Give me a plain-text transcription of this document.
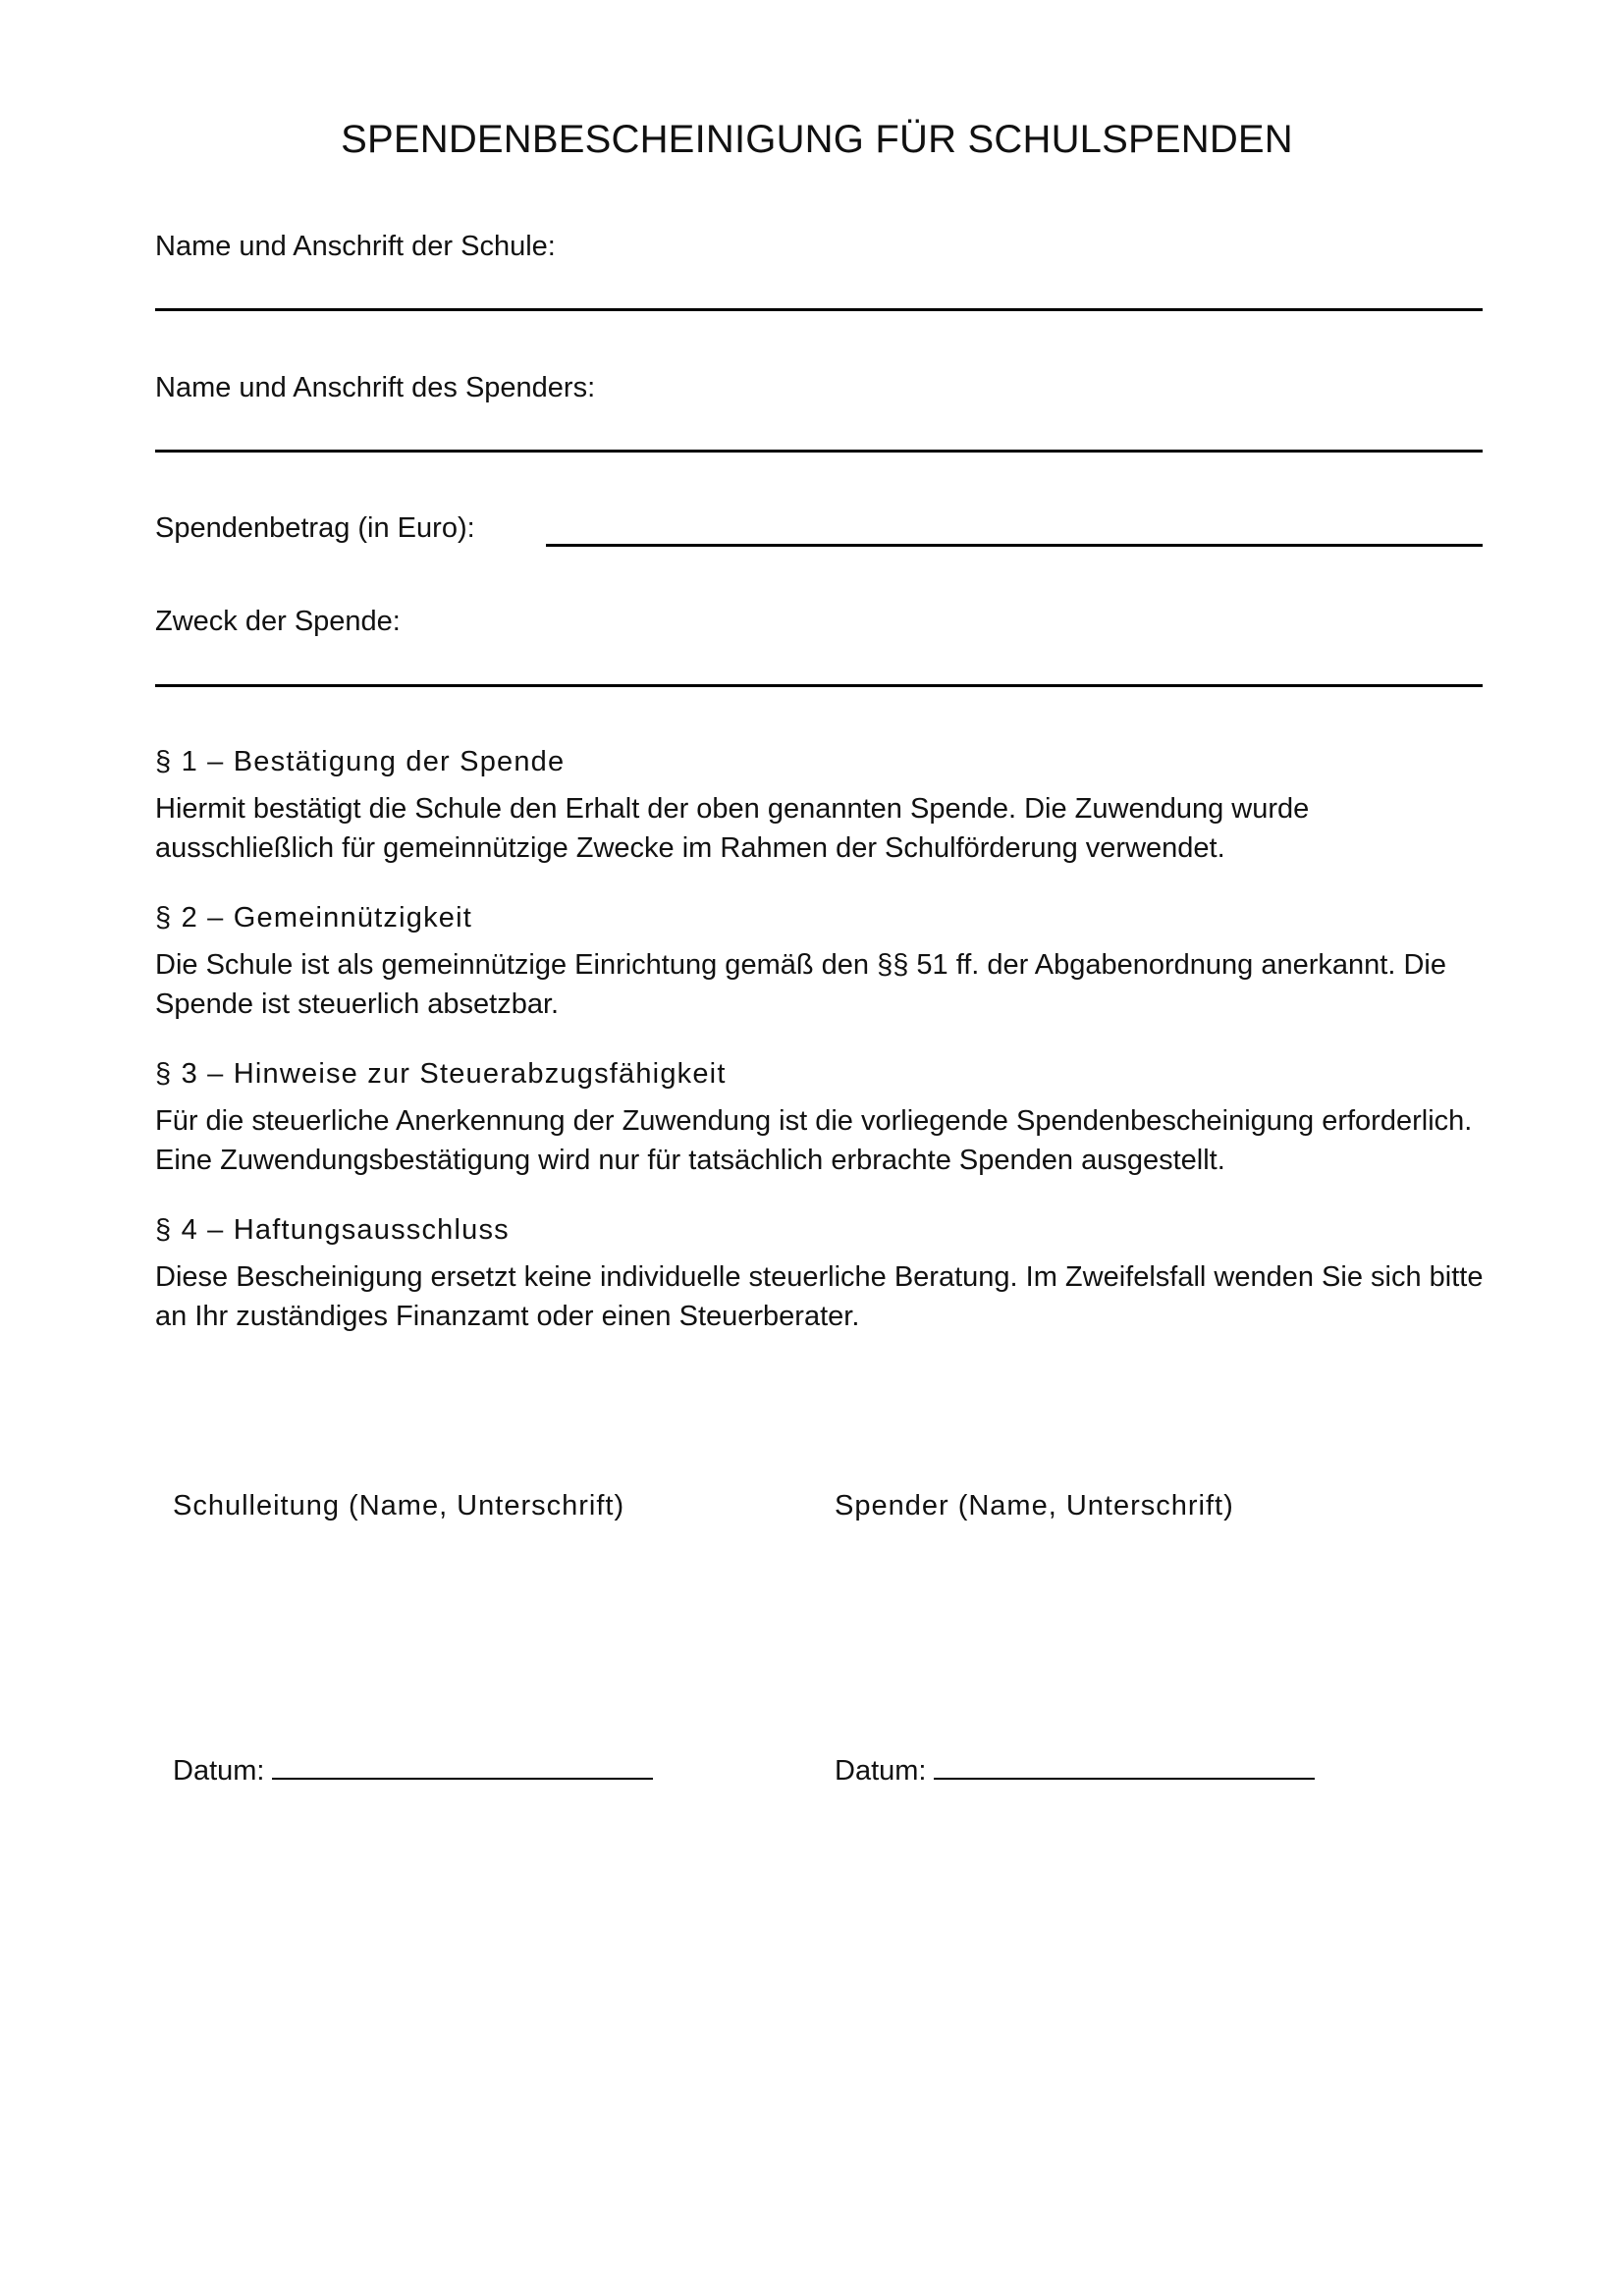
SPENDENBESCHEINIGUNG FÜR SCHULSPENDEN
Name und Anschrift der Schule:
Name und Anschrift des Spenders:
Spendenbetrag (in Euro):
Zweck der Spende:
§ 1 – Bestätigung der Spende

Hiermit bestätigt die Schule den Erhalt der oben genannten Spende. Die Zuwendung wurde ausschließlich für gemeinnützige Zwecke im Rahmen der Schulförderung verwendet.

§ 2 – Gemeinnützigkeit

Die Schule ist als gemeinnützige Einrichtung gemäß den §§ 51 ff. der Abgabenordnung anerkannt. Die Spende ist steuerlich absetzbar.

§ 3 – Hinweise zur Steuerabzugsfähigkeit

Für die steuerliche Anerkennung der Zuwendung ist die vorliegende Spendenbescheinigung erforderlich. Eine Zuwendungsbestätigung wird nur für tatsächlich erbrachte Spenden ausgestellt.

§ 4 – Haftungsausschluss

Diese Bescheinigung ersetzt keine individuelle steuerliche Beratung. Im Zweifelsfall wenden Sie sich bitte an Ihr zuständiges Finanzamt oder einen Steuerberater.

Schulleitung (Name, Unterschrift)	Spender (Name, Unterschrift)
Datum:	Datum:
